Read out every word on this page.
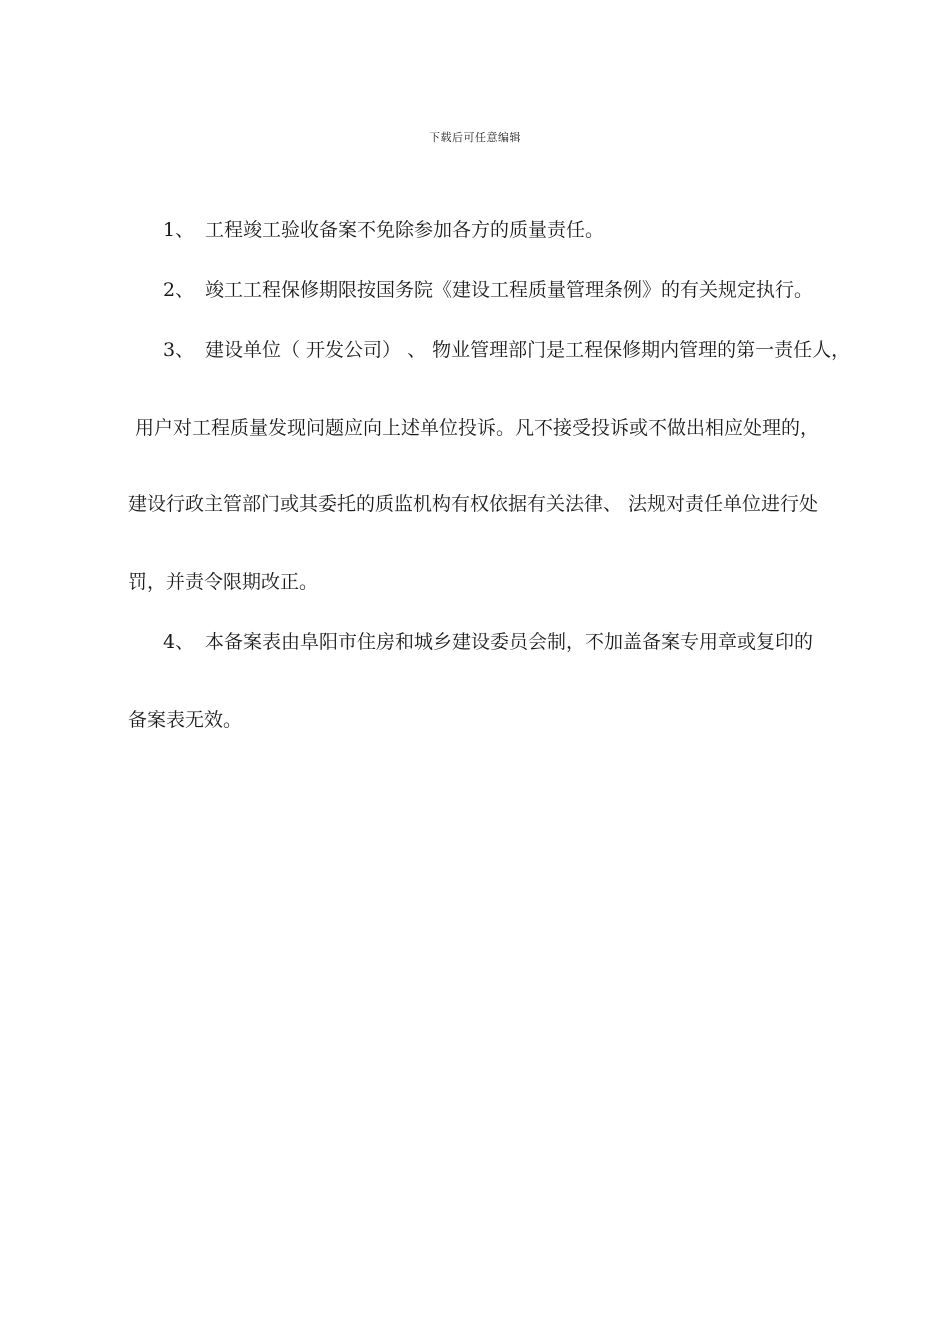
下载后可任意编辑
1、 工程竣工验收备案不免除参加各方的质量责任。
2、 竣工工程保修期限按国务院《建设工程质量管理条例》的有关规定执行。
3、 建设单位（ 开发公司） 、 物业管理部门是工程保修期内管理的第一责任人，
用户对工程质量发现问题应向上述单位投诉。凡不接受投诉或不做出相应处理的，
建设行政主管部门或其委托的质监机构有权依据有关法律、 法规对责任单位进行处
罚，并责令限期改正。
4、 本备案表由阜阳市住房和城乡建设委员会制，不加盖备案专用章或复印的
备案表无效。
